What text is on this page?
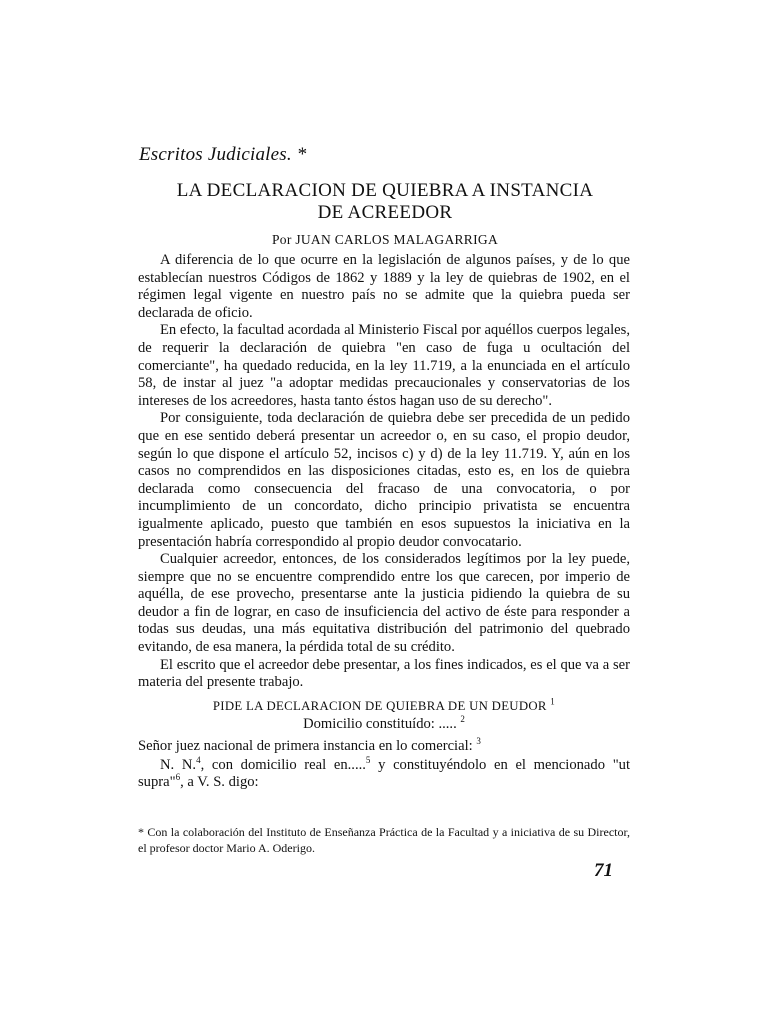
Escritos Judiciales. *
LA DECLARACION DE QUIEBRA A INSTANCIA
DE ACREEDOR
Por JUAN CARLOS MALAGARRIGA

A diferencia de lo que ocurre en la legislación de algunos países, y de lo que establecían nuestros Códigos de 1862 y 1889 y la ley de quiebras de 1902, en el régimen legal vigente en nuestro país no se admite que la quiebra pueda ser declarada de oficio.

En efecto, la facultad acordada al Ministerio Fiscal por aquéllos cuerpos legales, de requerir la declaración de quiebra "en caso de fuga u ocultación del comerciante", ha quedado reducida, en la ley 11.719, a la enunciada en el artículo 58, de instar al juez "a adoptar medidas precaucionales y conservatorias de los intereses de los acreedores, hasta tanto éstos hagan uso de su derecho".

Por consiguiente, toda declaración de quiebra debe ser precedida de un pedido que en ese sentido deberá presentar un acreedor o, en su caso, el propio deudor, según lo que dispone el artículo 52, incisos c) y d) de la ley 11.719. Y, aún en los casos no comprendidos en las disposiciones citadas, esto es, en los de quiebra declarada como consecuencia del fracaso de una convocatoria, o por incumplimiento de un concordato, dicho principio privatista se encuentra igualmente aplicado, puesto que también en esos supuestos la iniciativa en la presentación habría correspondido al propio deudor convocatario.

Cualquier acreedor, entonces, de los considerados legítimos por la ley puede, siempre que no se encuentre comprendido entre los que carecen, por imperio de aquélla, de ese provecho, presentarse ante la justicia pidiendo la quiebra de su deudor a fin de lograr, en caso de insuficiencia del activo de éste para responder a todas sus deudas, una más equitativa distribución del patrimonio del quebrado evitando, de esa manera, la pérdida total de su crédito.

El escrito que el acreedor debe presentar, a los fines indicados, es el que va a ser materia del presente trabajo.

PIDE LA DECLARACION DE QUIEBRA DE UN DEUDOR $^1$
Domicilio constituído: ..... $^2$
Señor juez nacional de primera instancia en lo comercial: $^3$
N. N.$^4$, con domicilio real en.....$^5$ y constituyéndolo en el mencionado "ut supra"$^6$, a V. S. digo:
* Con la colaboración del Instituto de Enseñanza Práctica de la Facultad y a iniciativa de su Director, el profesor doctor Mario A. Oderigo.
71
